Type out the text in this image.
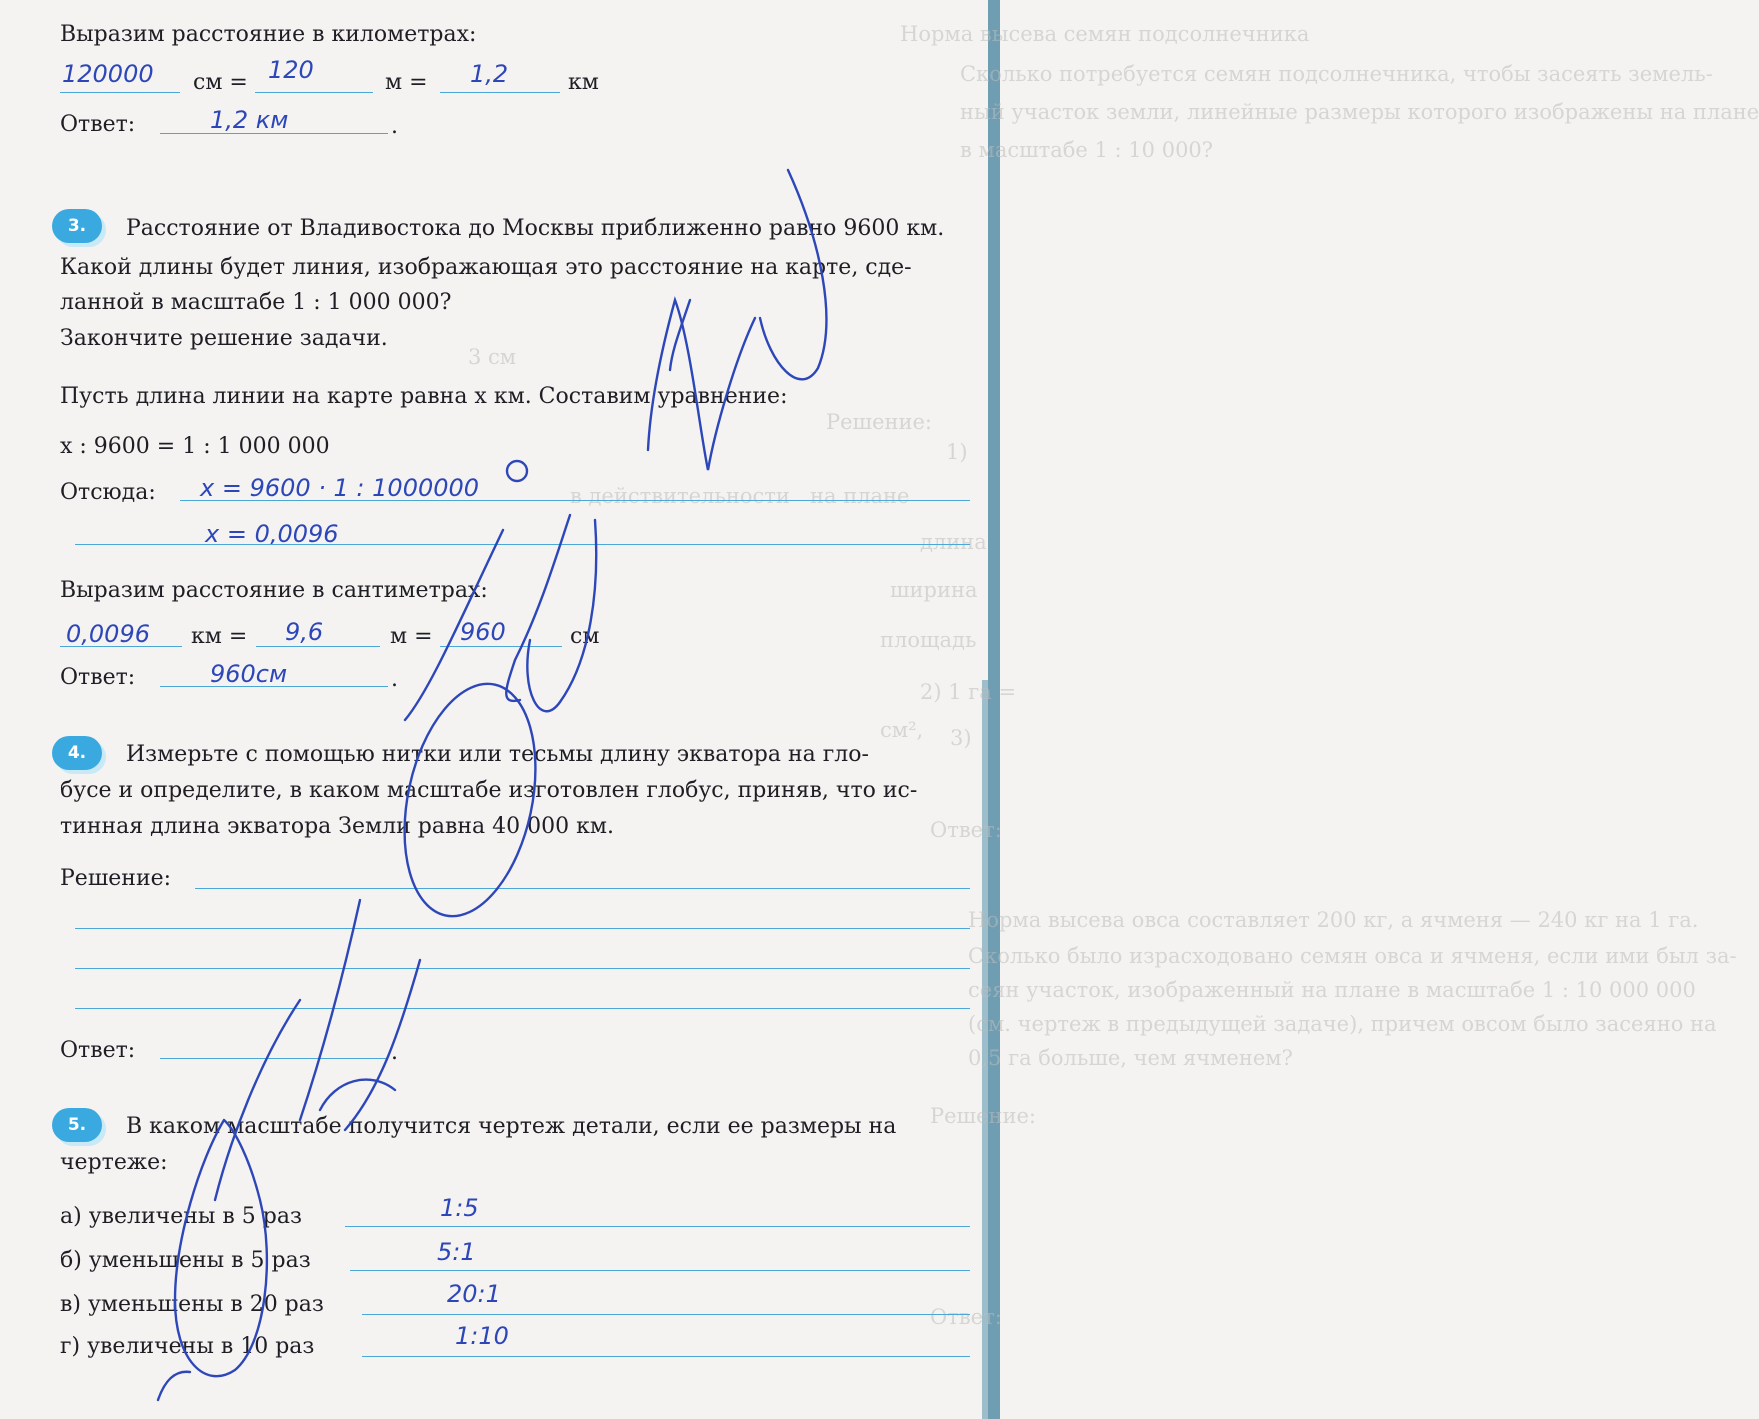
Норма высева семян подсолнечника
Сколько потребуется семян подсолнечника, чтобы засеять земель-
ный участок земли, линейные размеры которого изображены на плане
в масштабе 1 : 10 000?
3 см
Решение:
1)
на плане
в действительности
длина
ширина
площадь
2) 1 га =
см², 3)
Ответ:
Норма высева овса составляет 200 кг, а ячменя — 240 кг на 1 га.
Сколько было израсходовано семян овса и ячменя, если ими был за-
сеян участок, изображенный на плане в масштабе 1 : 10 000 000
(см. чертеж в предыдущей задаче), причем овсом было засеяно на
0,5 га больше, чем ячменем?
Решение:
Ответ:
Выразим расстояние в километрах:
120000 см = 120	м = 1,2	км
Ответ:	1,2 км	.
3.	Расстояние от Владивостока до Москвы приближенно равно 9600 км.
Какой длины будет линия, изображающая это расстояние на карте, сде-
ланной в масштабе 1 : 1 000 000?
Закончите решение задачи.
Пусть длина линии на карте равна x км. Составим уравнение:
x : 9600 = 1 : 1 000 000
Отсюда: x = 9600 · 1 : 1000000
x = 0,0096
Выразим расстояние в сантиметрах:
0,0096 км = 9,6	м = 960	см
Ответ:	960см	.
4.	Измерьте с помощью нитки или тесьмы длину экватора на гло-
бусе и определите, в каком масштабе изготовлен глобус, приняв, что ис-
тинная длина экватора Земли равна 40 000 км.
Решение:
Ответ:	.
5.	В каком масштабе получится чертеж детали, если ее размеры на
чертеже:
а) увеличены в 5 раз	1:5
б) уменьшены в 5 раз	5:1
в) уменьшены в 20 раз	20:1
г) увеличены в 10 раз	1:10
